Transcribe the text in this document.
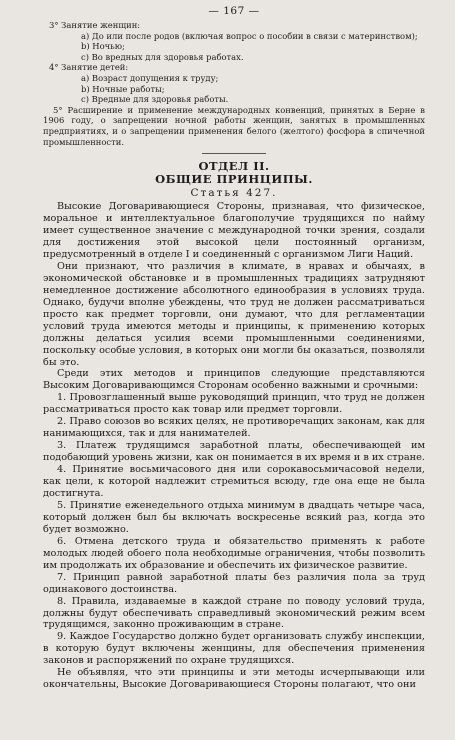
— 167 —
3° Занятие женщин:
a) До или после родов (включая вопрос о пособии в связи с материнством);
b) Ночью;
c) Во вредных для здоровья работах.
4° Занятие детей:
a) Возраст допущения к труду;
b) Ночные работы;
c) Вредные для здоровья работы.
5° Расширение и применение международных конвенций, принятых в Берне в 1906 году, о запрещении ночной работы женщин, занятых в промышленных предприятиях, и о запрещении применения белого (желтого) фосфора в спичечной промышленности.
ОТДЕЛ II.
ОБЩИЕ ПРИНЦИПЫ.
Статья 427.

Высокие Договаривающиеся Стороны, признавая, что физическое, моральное и интеллектуальное благополучие трудящихся по найму имеет существенное значение с международной точки зрения, создали для достижения этой высокой цели постоянный организм, предусмотренный в отделе I и соединенный с организмом Лиги Наций.

Они признают, что различия в климате, в нравах и обычаях, в экономической обстановке и в промышленных традициях затрудняют немедленное достижение абсолютного единообразия в условиях труда. Однако, будучи вполне убеждены, что труд не должен рассматриваться просто как предмет торговли, они думают, что для регламентации условий труда имеются методы и принципы, к применению которых должны делаться усилия всеми промышленными соединениями, поскольку особые условия, в которых они могли бы оказаться, позволяли бы это.

Среди этих методов и принципов следующие представляются Высоким Договаривающимся Сторонам особенно важными и срочными:

1. Провозглашенный выше руководящий принцип, что труд не должен рассматриваться просто как товар или предмет торговли.

2. Право союзов во всяких целях, не противоречащих законам, как для нанимающихся, так и для нанимателей.

3. Платеж трудящимся заработной платы, обеспечивающей им подобающий уровень жизни, как он понимается в их время и в их стране.

4. Принятие восьмичасового дня или сорокавосьмичасовой недели, как цели, к которой надлежит стремиться всюду, где она еще не была достигнута.

5. Принятие еженедельного отдыха минимум в двадцать четыре часа, который должен был бы включать воскресенье всякий раз, когда это будет возможно.

6. Отмена детского труда и обязательство применять к работе молодых людей обоего пола необходимые ограничения, чтобы позволить им продолжать их образование и обеспечить их физическое развитие.

7. Принцип равной заработной платы без различия пола за труд одинакового достоинства.

8. Правила, издаваемые в каждой стране по поводу условий труда, должны будут обеспечивать справедливый экономический режим всем трудящимся, законно проживающим в стране.

9. Каждое Государство должно будет организовать службу инспекции, в которую будут включены женщины, для обеспечения применения законов и распоряжений по охране трудящихся.

Не объявляя, что эти принципы и эти методы исчерпывающи или окончательны, Высокие Договаривающиеся Стороны полагают, что они
